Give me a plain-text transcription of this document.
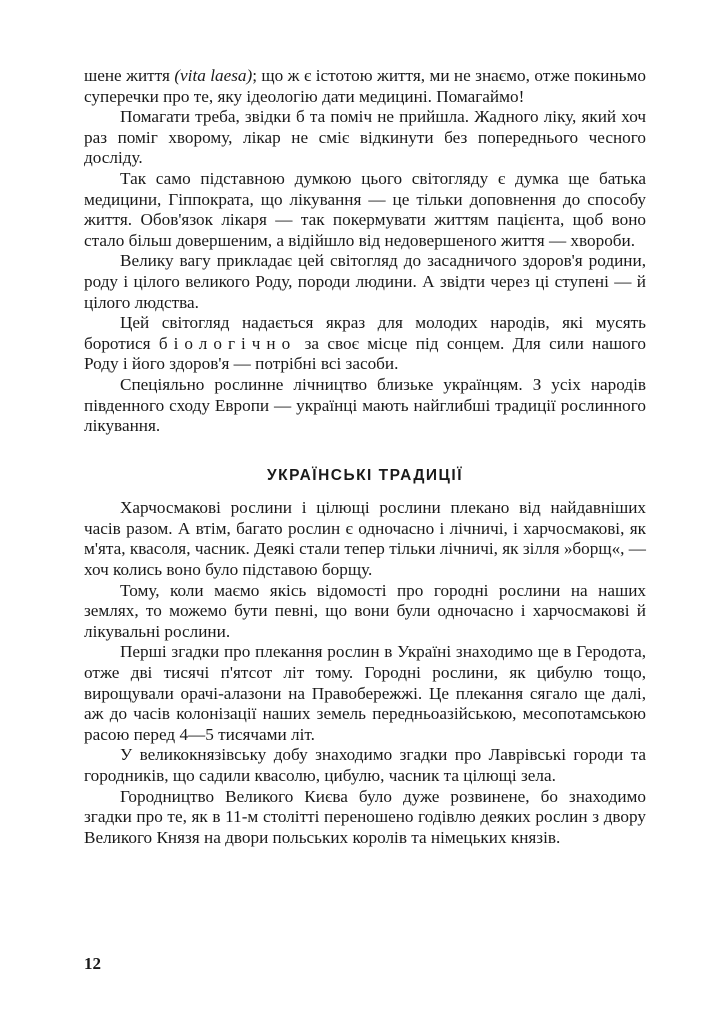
шене життя (vita laesa); що ж є істотою життя, ми не знаємо, отже покиньмо суперечки про те, яку ідеологію дати медицині. Помагаймо!

Помагати треба, звідки б та поміч не прийшла. Жадного ліку, який хоч раз поміг хворому, лікар не сміє відкинути без попереднього чесного досліду.

Так само підставною думкою цього світогляду є думка ще батька медицини, Гіппократа, що лікування — це тільки доповнення до способу життя. Обов'язок лікаря — так покермувати життям пацієнта, щоб воно стало більш довершеним, а відійшло від недовершеного життя — хвороби.

Велику вагу прикладає цей світогляд до засадничого здоров'я родини, роду і цілого великого Роду, породи людини. А звідти через ці ступені — й цілого людства.

Цей світогляд надається якраз для молодих народів, які мусять боротися біологічно за своє місце під сонцем. Для сили нашого Роду і його здоров'я — потрібні всі засоби.

Спеціяльно рослинне лічництво близьке українцям. З усіх народів південного сходу Европи — українці мають найглибші традиції рослинного лікування.

УКРАЇНСЬКІ ТРАДИЦІЇ

Харчосмакові рослини і цілющі рослини плекано від найдавніших часів разом. А втім, багато рослин є одночасно і лічничі, і харчосмакові, як м'ята, квасоля, часник. Деякі стали тепер тільки лічничі, як зілля »борщ«, — хоч колись воно було підставою борщу.

Тому, коли маємо якісь відомості про городні рослини на наших землях, то можемо бути певні, що вони були одночасно і харчосмакові й лікувальні рослини.

Перші згадки про плекання рослин в Україні знаходимо ще в Геродота, отже дві тисячі п'ятсот літ тому. Городні рослини, як цибулю тощо, вирощували орачі-алазони на Правобережжі. Це плекання сягало ще далі, аж до часів колонізації наших земель передньоазійською, месопотамською расою перед 4—5 тисячами літ.

У великокнязівську добу знаходимо згадки про Лаврівські городи та городників, що садили квасолю, цибулю, часник та цілющі зела.

Городництво Великого Києва було дуже розвинене, бо знаходимо згадки про те, як в 11-м столітті переношено годівлю деяких рослин з двору Великого Князя на двори польських королів та німецьких князів.

12
